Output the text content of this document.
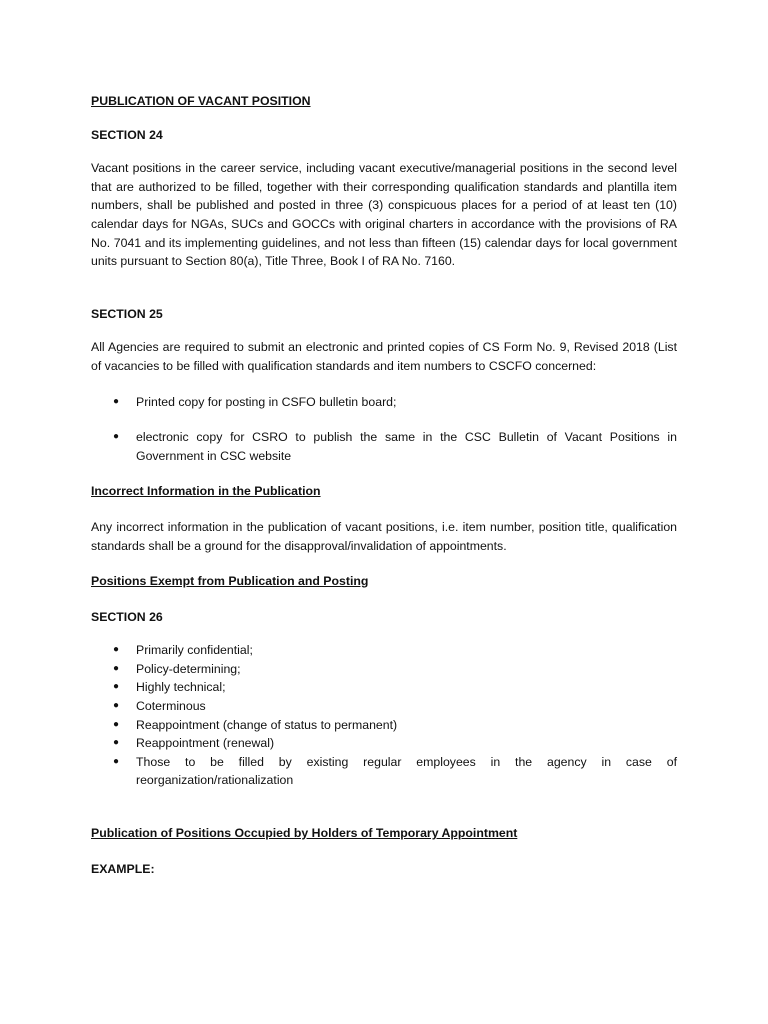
PUBLICATION OF VACANT POSITION

SECTION 24

Vacant positions in the career service, including vacant executive/managerial positions in the second level that are authorized to be filled, together with their corresponding qualification standards and plantilla item numbers, shall be published and posted in three (3) conspicuous places for a period of at least ten (10) calendar days for NGAs, SUCs and GOCCs with original charters in accordance with the provisions of RA No. 7041 and its implementing guidelines, and not less than fifteen (15) calendar days for local government units pursuant to Section 80(a), Title Three, Book I of RA No. 7160.

SECTION 25

All Agencies are required to submit an electronic and printed copies of CS Form No. 9, Revised 2018 (List of vacancies to be filled with qualification standards and item numbers to CSCFO concerned:

● Printed copy for posting in CSFO bulletin board;
● electronic copy for CSRO to publish the same in the CSC Bulletin of Vacant Positions in Government in CSC website

Incorrect Information in the Publication

Any incorrect information in the publication of vacant positions, i.e. item number, position title, qualification standards shall be a ground for the disapproval/invalidation of appointments.

Positions Exempt from Publication and Posting

SECTION 26

● Primarily confidential;
● Policy-determining;
● Highly technical;
● Coterminous
● Reappointment (change of status to permanent)
● Reappointment (renewal)
● Those to be filled by existing regular employees in the agency in case of reorganization/rationalization

Publication of Positions Occupied by Holders of Temporary Appointment

EXAMPLE:
